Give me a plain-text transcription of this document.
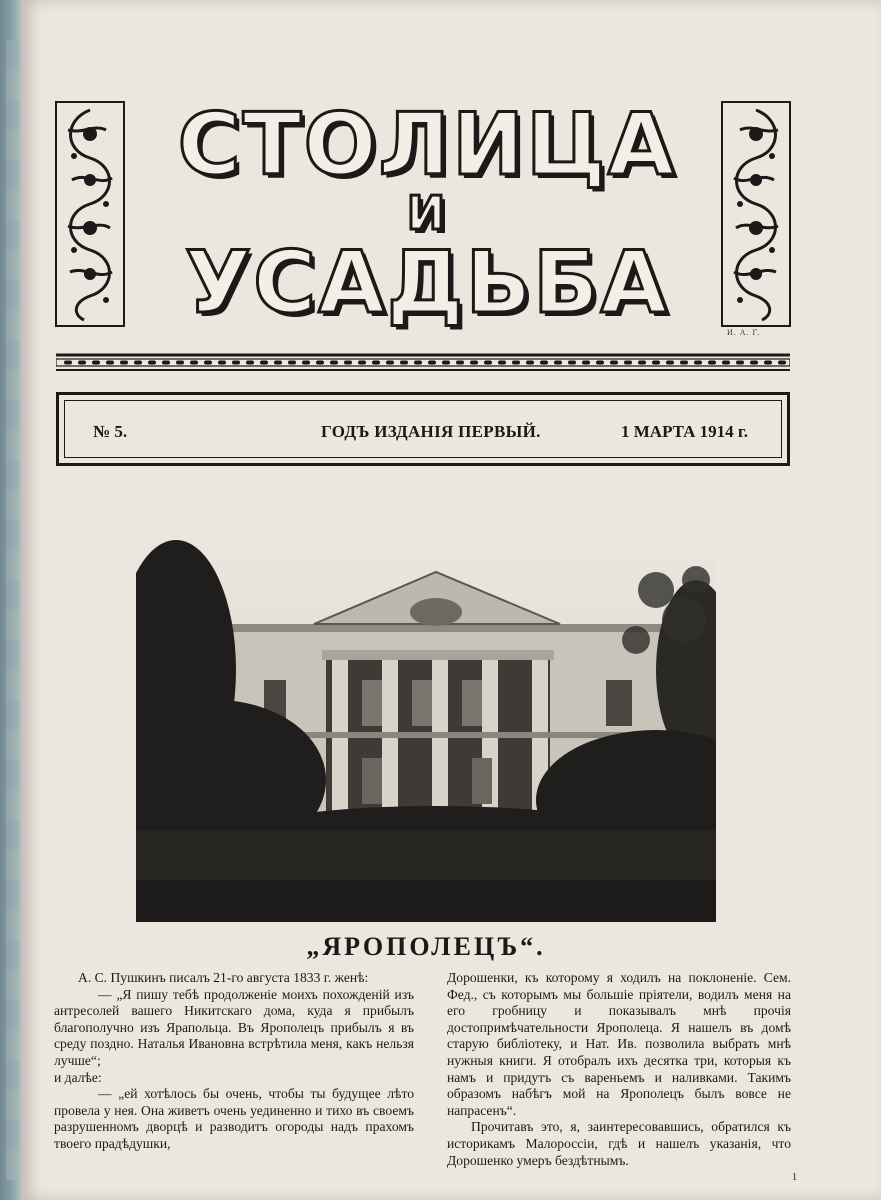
СТОЛИЦА
И
УСАДЬБА	И. А. Г.
№ 5.	ГОДЪ ИЗДАНІЯ ПЕРВЫЙ.	1 МАРТА 1914 г.
„ЯРОПОЛЕЦЪ“.

А. С. Пушкинъ писалъ 21-го августа 1833 г. женѣ:

— „Я пишу тебѣ продолженіе моихъ похожденій изъ антресолей вашего Никитскаго дома, куда я прибылъ благополучно изъ Ярапольца. Въ Ярополецъ прибылъ я въ среду поздно. Наталья Ивановна встрѣтила меня, какъ нельзя лучше“;

и далѣе:

— „ей хотѣлось бы очень, чтобы ты будущее лѣто провела у нея. Она живетъ очень уединенно и тихо въ своемъ разрушенномъ дворцѣ и разводитъ огороды надъ прахомъ твоего прадѣдушки,

Дорошенки, къ которому я ходилъ на поклоненіе. Сем. Фед., съ которымъ мы большіе пріятели, водилъ меня на его гробницу и показывалъ мнѣ прочія достопримѣчательности Ярополеца. Я нашелъ въ домѣ старую библіотеку, и Нат. Ив. позволила выбрать мнѣ нужныя книги. Я отобралъ ихъ десятка три, которыя къ намъ и придутъ съ вареньемъ и наливками. Такимъ образомъ набѣгъ мой на Ярополецъ былъ вовсе не напрасенъ“.

Прочитавъ это, я, заинтересовавшись, обратился къ историкамъ Малороссіи, гдѣ и нашелъ указанія, что Дорошенко умеръ бездѣтнымъ.

1
